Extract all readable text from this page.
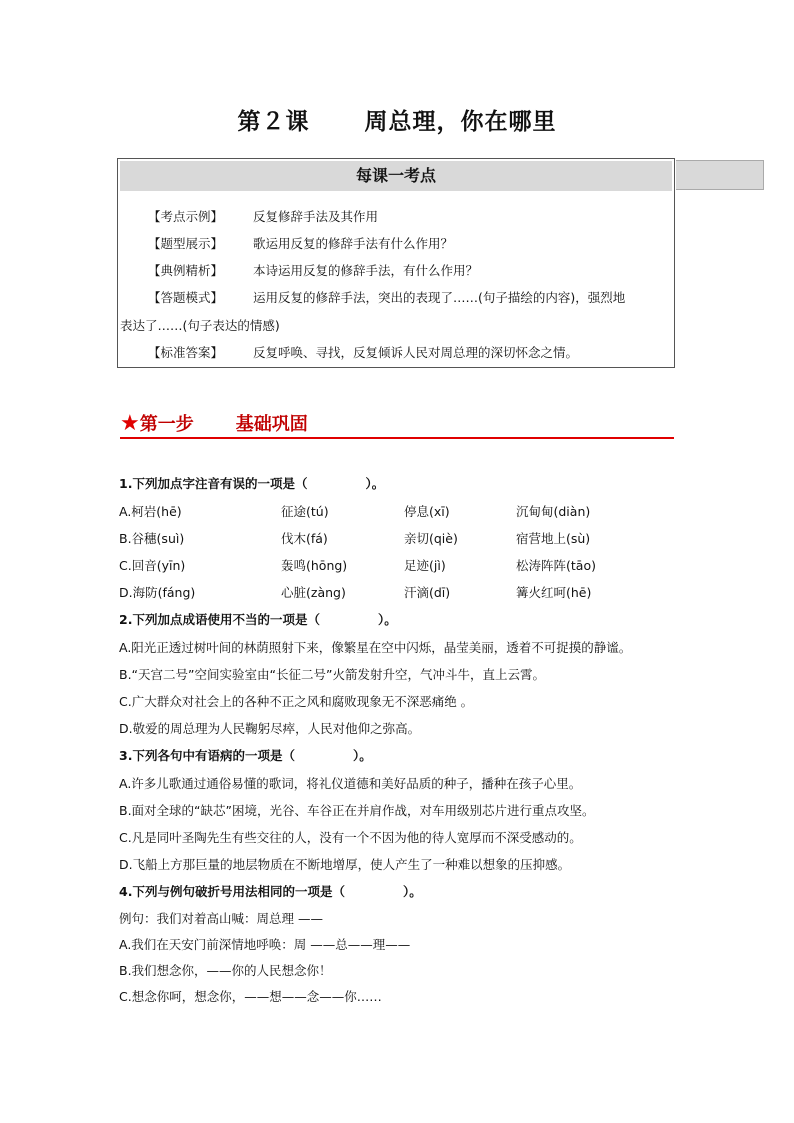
第２课 周总理，你在哪里
每课一考点
【考点示例】 反复修辞手法及其作用
【题型展示】 歌运用反复的修辞手法有什么作用？
【典例精析】 本诗运用反复的修辞手法，有什么作用？
【答题模式】 运用反复的修辞手法，突出的表现了……(句子描绘的内容)，强烈地
表达了……(句子表达的情感)
【标准答案】 反复呼唤、寻找，反复倾诉人民对周总理的深切怀念之情。
★第一步 基础巩固
1.下列加点字注音有误的一项是（	）。
A.柯岩(hē)	征途(tú)	停息(xī)	沉甸甸(diàn)
B.谷穗(suì)	伐木(fá)	亲切(qiè)	宿营地上(sù)
C.回音(yīn)	轰鸣(hōng)	足迹(jì)	松涛阵阵(tāo)
D.海防(fáng)	心脏(zàng)	汗滴(dī)	篝火红呵(hē)
2.下列加点成语使用不当的一项是（	）。
A.阳光正透过树叶间的林荫照射下来，像繁星在空中闪烁，晶莹美丽，透着不可捉摸的静谧。
B.“天宫二号”空间实验室由“长征二号”火箭发射升空，气冲斗牛，直上云霄。
C.广大群众对社会上的各种不正之风和腐败现象无不深恶痛绝 。
D.敬爱的周总理为人民鞠躬尽瘁，人民对他仰之弥高。
3.下列各句中有语病的一项是（	）。
A.许多儿歌通过通俗易懂的歌词，将礼仪道德和美好品质的种子，播种在孩子心里。
B.面对全球的“缺芯”困境，光谷、车谷正在并肩作战，对车用级别芯片进行重点攻坚。
C.凡是同叶圣陶先生有些交往的人，没有一个不因为他的待人宽厚而不深受感动的。
D.飞船上方那巨量的地层物质在不断地增厚，使人产生了一种难以想象的压抑感。
4.下列与例句破折号用法相同的一项是（	）。
例句：我们对着高山喊：周总理 ——
A.我们在天安门前深情地呼唤：周 ——总——理——
B.我们想念你，——你的人民想念你！
C.想念你呵，想念你，——想——念——你……
